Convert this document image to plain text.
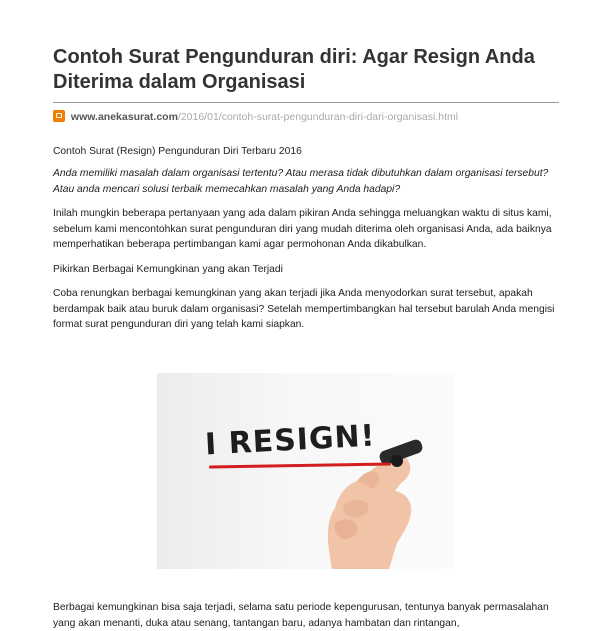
Contoh Surat Pengunduran diri: Agar Resign Anda Diterima dalam Organisasi
www.anekasurat.com/2016/01/contoh-surat-pengunduran-diri-dari-organisasi.html

Contoh Surat (Resign) Pengunduran Diri Terbaru 2016

Anda memiliki masalah dalam organisasi tertentu? Atau merasa tidak dibutuhkan dalam organisasi tersebut? Atau anda mencari solusi terbaik memecahkan masalah yang Anda hadapi?

Inilah mungkin beberapa pertanyaan yang ada dalam pikiran Anda sehingga meluangkan waktu di situs kami, sebelum kami mencontohkan surat pengunduran diri yang mudah diterima oleh organisasi Anda, ada baiknya memperhatikan beberapa pertimbangan kami agar permohonan Anda dikabulkan.

Pikirkan Berbagai Kemungkinan yang akan Terjadi

Coba renungkan berbagai kemungkinan yang akan terjadi jika Anda menyodorkan surat tersebut, apakah berdampak baik atau buruk dalam organisasi? Setelah mempertimbangkan hal tersebut barulah Anda mengisi format surat pengunduran diri yang telah kami siapkan.

I RESIGN!

Berbagai kemungkinan bisa saja terjadi, selama satu periode kepengurusan, tentunya banyak permasalahan yang akan menanti, duka atau senang, tantangan baru, adanya hambatan dan rintangan,
